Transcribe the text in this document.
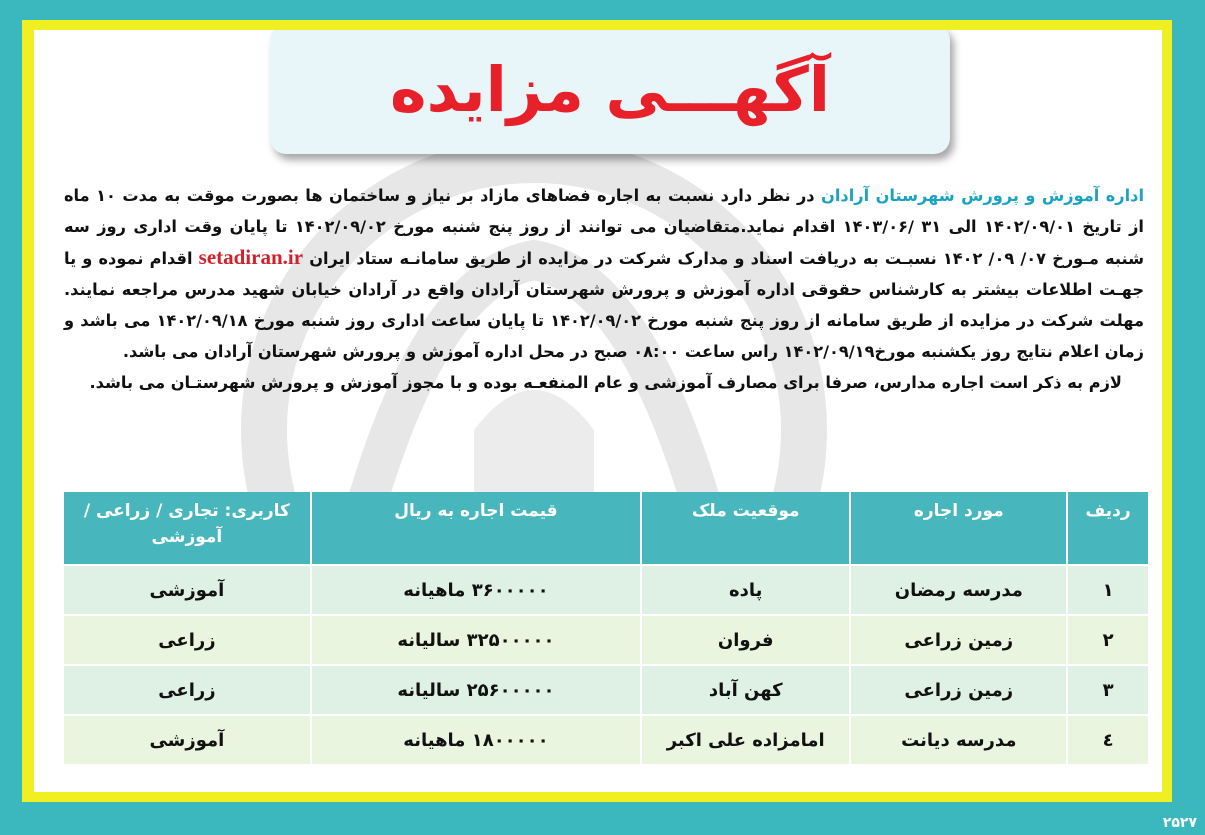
آگهـــی مزایده

اداره آموزش و پرورش شهرستان آرادان در نظر دارد نسبت به اجاره فضاهای مازاد بر نیاز و ساختمان ها بصورت موقت به مدت ۱۰ ماه از تاریخ ۱۴۰۲/۰۹/۰۱ الی ۳۱ /۱۴۰۳/۰۶ اقدام نماید.متقاضیان می توانند از روز پنج شنبه مورخ ۱۴۰۲/۰۹/۰۲ تا پایان وقت اداری روز سه شنبه مـورخ ۰۷/ ۰۹/ ۱۴۰۲ نسبـت به دریافت اسناد و مدارک شرکت در مزایده از طریق سامانـه ستاد ایران setadiran.ir اقدام نموده و یا جهـت اطلاعات بیشتر به کارشناس حقوقی اداره آموزش و پرورش شهرستان آرادان واقع در آرادان خیابان شهید مدرس مراجعه نمایند. مهلت شرکت در مزایده از طریق سامانه از روز پنج شنبه مورخ ۱۴۰۲/۰۹/۰۲ تا پایان ساعت اداری روز شنبه مورخ ۱۴۰۲/۰۹/۱۸ می باشد و زمان اعلام نتایج روز یکشنبه مورخ۱۴۰۲/۰۹/۱۹ راس ساعت ۰۸:۰۰ صبح در محل اداره آموزش و پرورش شهرستان آرادان می باشد.

لازم به ذکر است اجاره مدارس، صرفا برای مصارف آموزشی و عام المنفعـه بوده و با مجوز آموزش و پرورش شهرستـان می باشد.

ردیف	مورد اجاره	موقعیت ملک	قیمت اجاره به ریال	کاربری: تجاری / زراعی / آموزشی
۱	مدرسه رمضان	پاده	۳۶۰۰۰۰۰ ماهیانه	آموزشی
۲	زمین زراعی	فروان	۳۲۵۰۰۰۰۰ سالیانه	زراعی
۳	زمین زراعی	کهن آباد	۲۵۶۰۰۰۰۰ سالیانه	زراعی
٤	مدرسه دیانت	امامزاده علی اکبر	۱۸۰۰۰۰۰ ماهیانه	آموزشی
۲۵۲۷
